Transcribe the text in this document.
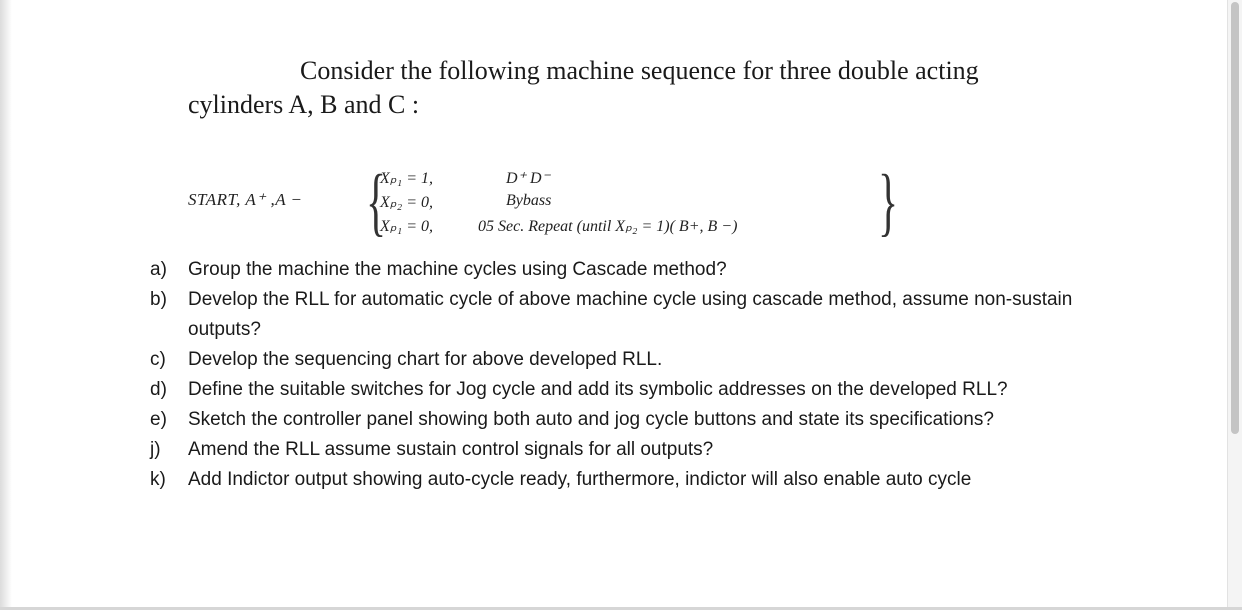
Consider the following machine sequence for three double acting
cylinders A, B and C :
START, A⁺ ,A − {
Xₚ₁ = 1,	D⁺ D⁻
Xₚ₂ = 0,	Bybass
Xₚ₁ = 0,	05 Sec. Repeat (until Xₚ₂ = 1)( B+, B −) }
a) Group the machine the machine cycles using Cascade method?
b) Develop the RLL for automatic cycle of above machine cycle using cascade method, assume non-sustain outputs?
c) Develop the sequencing chart for above developed RLL.
d) Define the suitable switches for Jog cycle and add its symbolic addresses on the developed RLL?
e) Sketch the controller panel showing both auto and jog cycle buttons and state its specifications?
j) Amend the RLL assume sustain control signals for all outputs?
k) Add Indictor output showing auto-cycle ready, furthermore, indictor will also enable auto cycle
